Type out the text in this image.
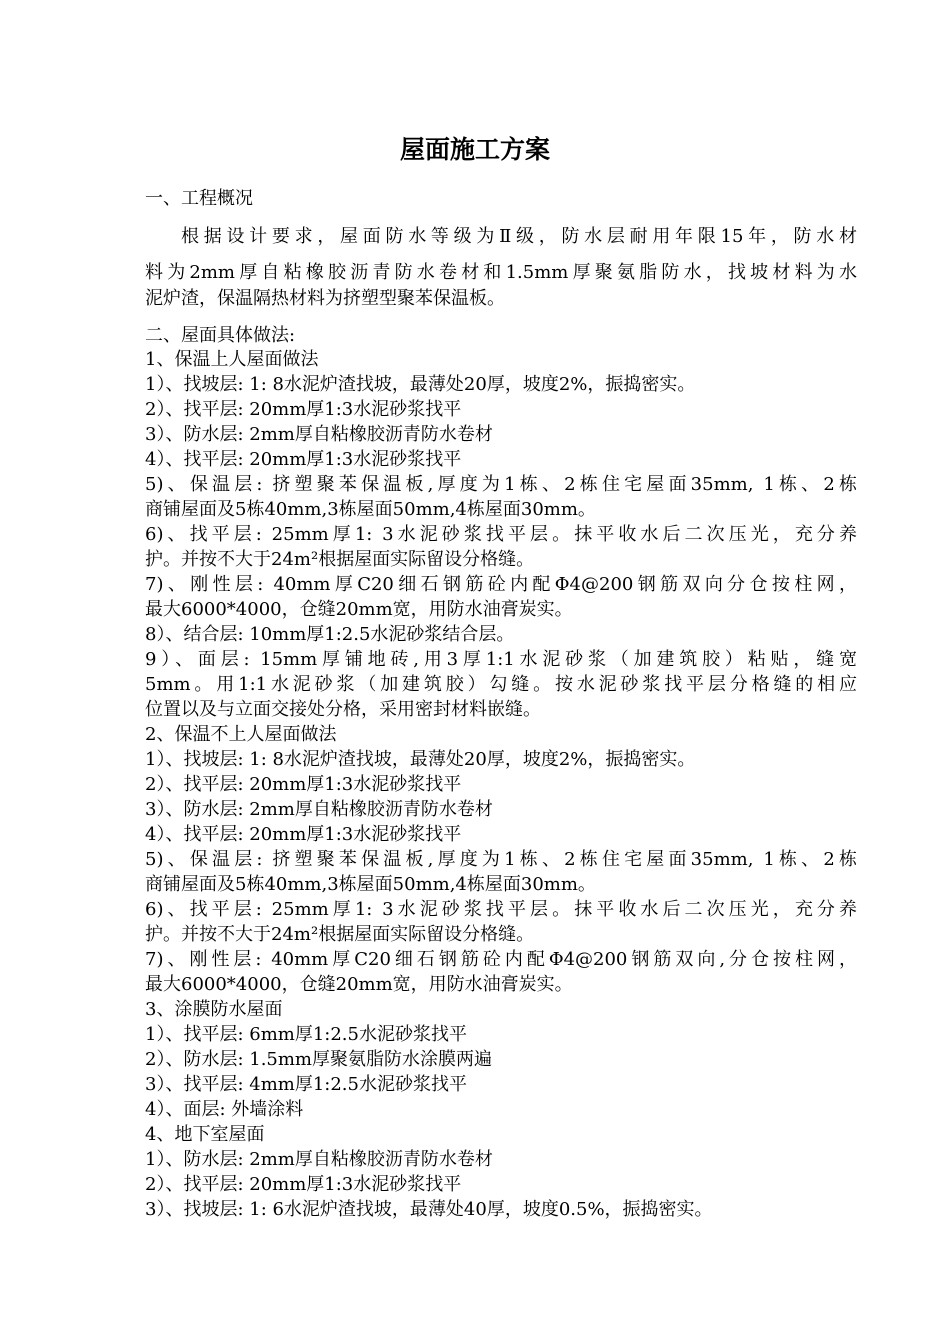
屋面施工方案
一、工程概况
根据设计要求，屋面防水等级为Ⅱ级，防水层耐用年限15年，防水材
料为2mm厚自粘橡胶沥青防水卷材和1.5mm厚聚氨脂防水，找坡材料为水
泥炉渣，保温隔热材料为挤塑型聚苯保温板。
二、屋面具体做法:
1、保温上人屋面做法
1）、找坡层: 1: 8水泥炉渣找坡，最薄处20厚，坡度2%，振捣密实。
2）、找平层: 20mm厚1:3水泥砂浆找平
3）、防水层: 2mm厚自粘橡胶沥青防水卷材
4）、找平层: 20mm厚1:3水泥砂浆找平
5)、保温层: 挤塑聚苯保温板,厚度为1栋、2栋住宅屋面35mm, 1栋、2栋
商铺屋面及5栋40mm,3栋屋面50mm,4栋屋面30mm。
6)、找平层: 25mm厚1: 3水泥砂浆找平层。抹平收水后二次压光，充分养
护。并按不大于24m²根据屋面实际留设分格缝。
7)、刚性层: 40mm厚C20细石钢筋砼内配Φ4@200钢筋双向分仓按柱网，
最大6000*4000，仓缝20mm宽，用防水油膏炭实。
8）、结合层: 10mm厚1:2.5水泥砂浆结合层。
9）、面层: 15mm厚铺地砖,用3厚1:1水泥砂浆（加建筑胶）粘贴，缝宽
5mm。用1:1水泥砂浆（加建筑胶）勾缝。按水泥砂浆找平层分格缝的相应
位置以及与立面交接处分格，采用密封材料嵌缝。
2、保温不上人屋面做法
1）、找坡层: 1: 8水泥炉渣找坡，最薄处20厚，坡度2%，振捣密实。
2）、找平层: 20mm厚1:3水泥砂浆找平
3）、防水层: 2mm厚自粘橡胶沥青防水卷材
4）、找平层: 20mm厚1:3水泥砂浆找平
5)、保温层: 挤塑聚苯保温板,厚度为1栋、2栋住宅屋面35mm, 1栋、2栋
商铺屋面及5栋40mm,3栋屋面50mm,4栋屋面30mm。
6)、找平层: 25mm厚1: 3水泥砂浆找平层。抹平收水后二次压光，充分养
护。并按不大于24m²根据屋面实际留设分格缝。
7)、刚性层: 40mm厚C20细石钢筋砼内配Φ4@200钢筋双向,分仓按柱网，
最大6000*4000，仓缝20mm宽，用防水油膏炭实。
3、涂膜防水屋面
1）、找平层: 6mm厚1:2.5水泥砂浆找平
2）、防水层: 1.5mm厚聚氨脂防水涂膜两遍
3）、找平层: 4mm厚1:2.5水泥砂浆找平
4）、面层: 外墙涂料
4、地下室屋面
1）、防水层: 2mm厚自粘橡胶沥青防水卷材
2）、找平层: 20mm厚1:3水泥砂浆找平
3）、找坡层: 1: 6水泥炉渣找坡，最薄处40厚，坡度0.5%，振捣密实。
